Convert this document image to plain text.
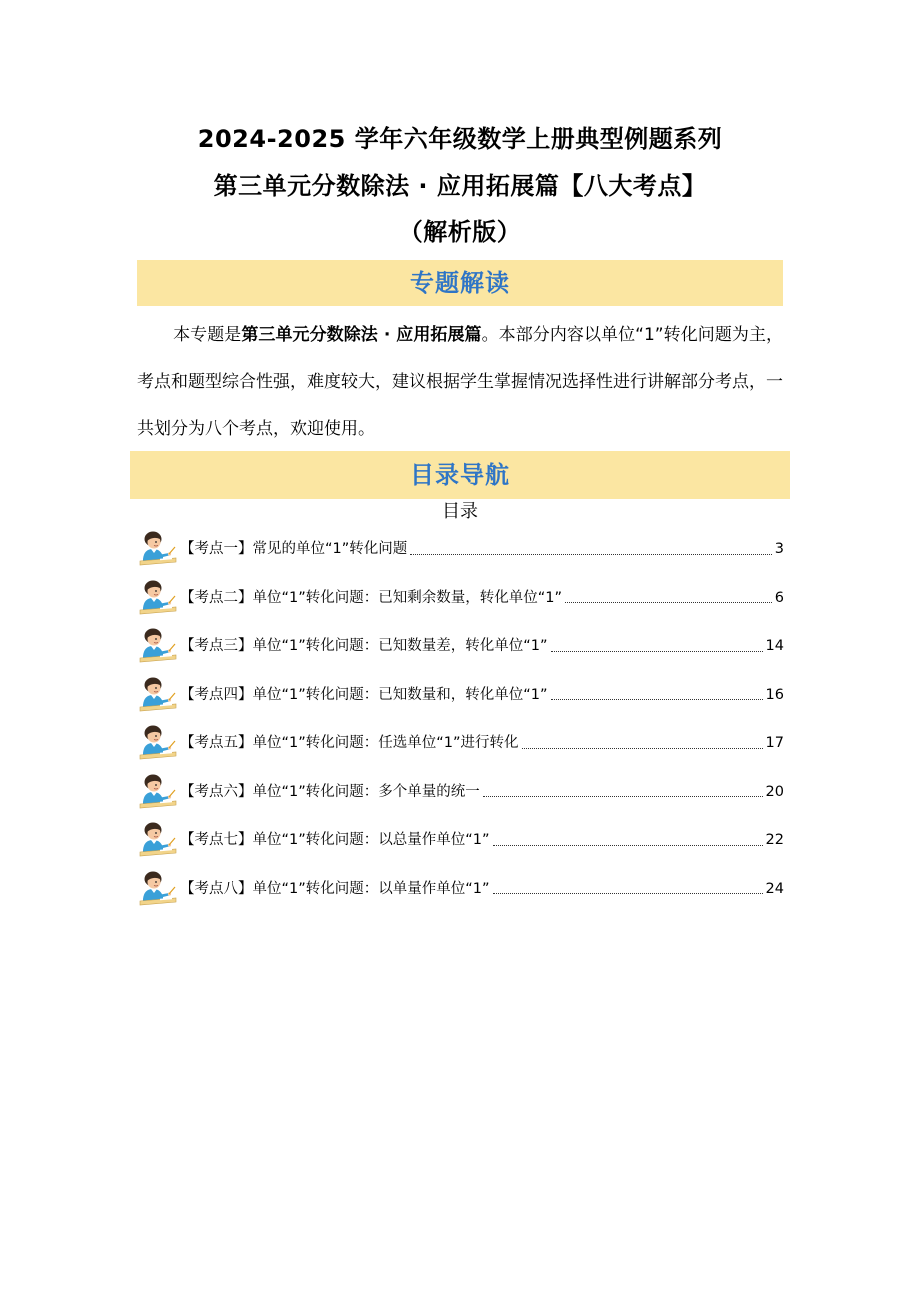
2024-2025 学年六年级数学上册典型例题系列
第三单元分数除法 · 应用拓展篇【八大考点】
（解析版）
专题解读
本专题是第三单元分数除法 · 应用拓展篇。本部分内容以单位“1”转化问题为主，考点和题型综合性强，难度较大，建议根据学生掌握情况选择性进行讲解部分考点，一共划分为八个考点，欢迎使用。
目录导航
目录
【考点一】常见的单位“1”转化问题	3
【考点二】单位“1”转化问题：已知剩余数量，转化单位“1”	6
【考点三】单位“1”转化问题：已知数量差，转化单位“1”	14
【考点四】单位“1”转化问题：已知数量和，转化单位“1”	16
【考点五】单位“1”转化问题：任选单位“1”进行转化	17
【考点六】单位“1”转化问题：多个单量的统一	20
【考点七】单位“1”转化问题：以总量作单位“1”	22
【考点八】单位“1”转化问题：以单量作单位“1”	24
